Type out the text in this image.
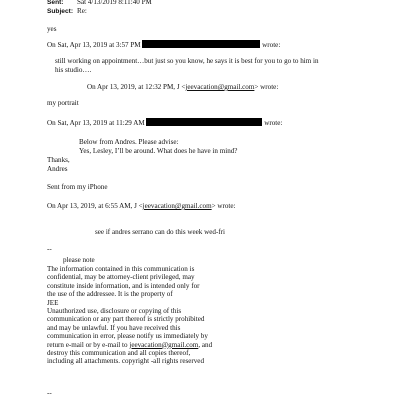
Sent: Sat 4/13/2019 8:11:40 PM
Subject: Re:
yes
On Sat, Apr 13, 2019 at 3:57 PM	wrote:
still working on appointment…but just so you know, he says it is best for you to go to him in
his studio….
On Apr 13, 2019, at 12:32 PM, J <jeevacation@gmail.com> wrote:
my portrait
On Sat, Apr 13, 2019 at 11:29 AM	wrote:
Below from Andres. Please advise:
Yes, Lesley, I’ll be around. What does he have in mind?
Thanks,
Andres
Sent from my iPhone
On Apr 13, 2019, at 6:55 AM, J <jeevacation@gmail.com> wrote:
see if andres serrano can do this week wed-fri
--
please note
The information contained in this communication is
confidential, may be attorney-client privileged, may
constitute inside information, and is intended only for
the use of the addressee. It is the property of
JEE
Unauthorized use, disclosure or copying of this
communication or any part thereof is strictly prohibited
and may be unlawful. If you have received this
communication in error, please notify us immediately by
return e-mail or by e-mail to jeevacation@gmail.com, and
destroy this communication and all copies thereof,
including all attachments. copyright -all rights reserved
--
